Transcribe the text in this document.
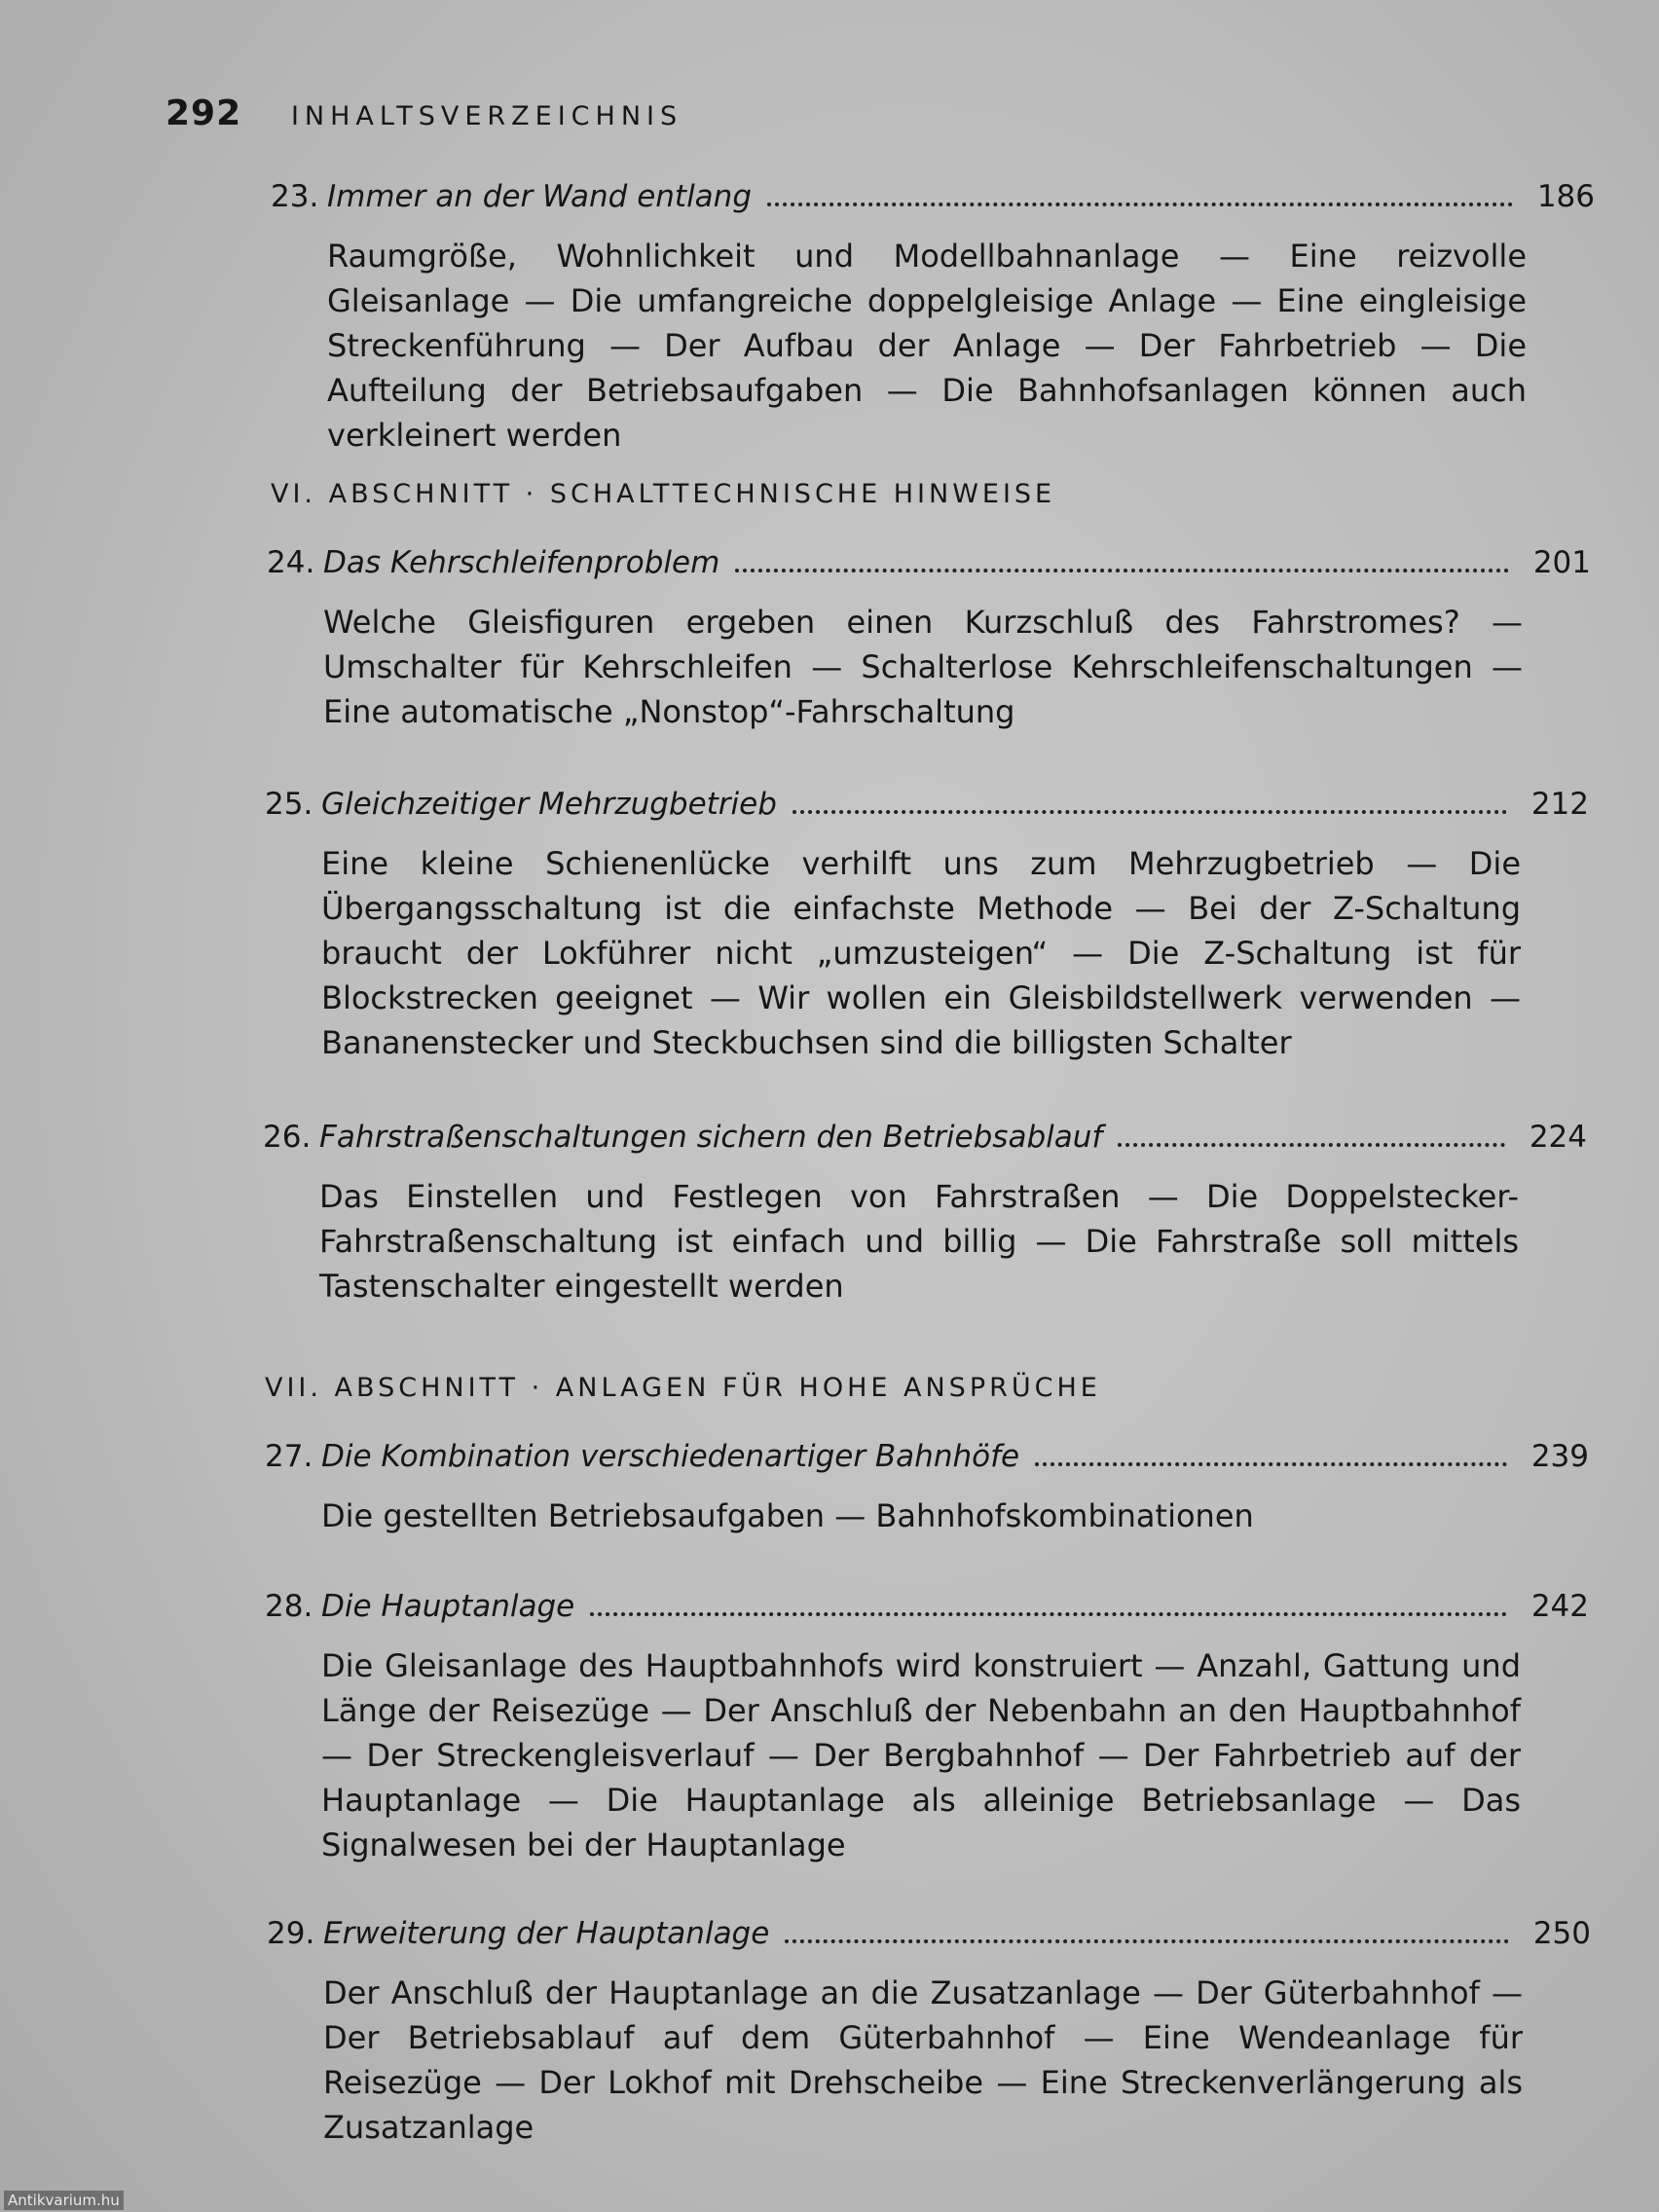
292 INHALTSVERZEICHNIS
23. Immer an der Wand entlang	186
Raumgröße, Wohnlichkeit und Modellbahnanlage — Eine reizvolle Gleisanlage — Die umfangreiche doppelgleisige Anlage — Eine eingleisige Streckenführung — Der Aufbau der Anlage — Der Fahrbetrieb — Die Aufteilung der Betriebsaufgaben — Die Bahnhofsanlagen können auch verkleinert werden
VI. ABSCHNITT · SCHALTTECHNISCHE HINWEISE
24. Das Kehrschleifenproblem	201
Welche Gleisfiguren ergeben einen Kurzschluß des Fahrstromes? — Umschalter für Kehrschleifen — Schalterlose Kehrschleifenschaltungen — Eine automatische „Nonstop“-Fahrschaltung
25. Gleichzeitiger Mehrzugbetrieb	212
Eine kleine Schienenlücke verhilft uns zum Mehrzugbetrieb — Die Übergangsschaltung ist die einfachste Methode — Bei der Z-Schaltung braucht der Lokführer nicht „umzusteigen“ — Die Z-Schaltung ist für Blockstrecken geeignet — Wir wollen ein Gleisbildstellwerk verwenden — Bananenstecker und Steckbuchsen sind die billigsten Schalter
26. Fahrstraßenschaltungen sichern den Betriebsablauf	224
Das Einstellen und Festlegen von Fahrstraßen — Die Doppelstecker-Fahrstraßenschaltung ist einfach und billig — Die Fahrstraße soll mittels Tastenschalter eingestellt werden
VII. ABSCHNITT · ANLAGEN FÜR HOHE ANSPRÜCHE
27. Die Kombination verschiedenartiger Bahnhöfe	239
Die gestellten Betriebsaufgaben — Bahnhofskombinationen
28. Die Hauptanlage	242
Die Gleisanlage des Hauptbahnhofs wird konstruiert — Anzahl, Gattung und Länge der Reisezüge — Der Anschluß der Nebenbahn an den Hauptbahnhof — Der Streckengleisverlauf — Der Bergbahnhof — Der Fahrbetrieb auf der Hauptanlage — Die Hauptanlage als alleinige Betriebsanlage — Das Signalwesen bei der Hauptanlage
29. Erweiterung der Hauptanlage	250
Der Anschluß der Hauptanlage an die Zusatzanlage — Der Güterbahnhof — Der Betriebsablauf auf dem Güterbahnhof — Eine Wendeanlage für Reisezüge — Der Lokhof mit Drehscheibe — Eine Streckenverlängerung als Zusatzanlage
Antikvarium.hu
